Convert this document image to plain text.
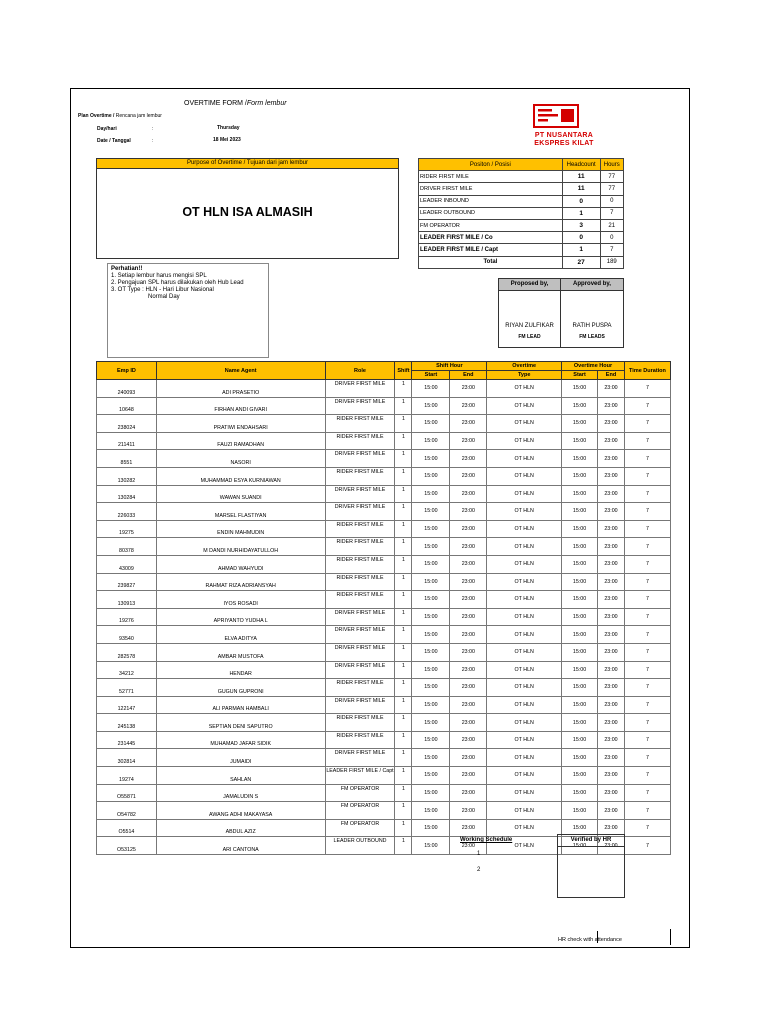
OVERTIME FORM /Form lembur
Plan Overtime / Rencana jam lembur
Day/hari	:	Thursday
Date / Tanggal	:	18 Mei 2023
PT NUSANTARA
EKSPRES KILAT
Purpose of Overtime / Tujuan dari jam lembur
OT HLN ISA ALMASIH
Positon / Posisi	Headcount	Hours
RIDER FIRST MILE	11	77
DRIVER FIRST MILE	11	77
LEADER INBOUND	0	0
LEADER OUTBOUND	1	7
FM OPERATOR	3	21
LEADER FIRST MILE / Co	0	0
LEADER FIRST MILE / Capt	1	7
Total	27	189
Perhatian!!
1. Setiap lembur harus mengisi SPL
2. Pengajuan SPL harus dilakukan oleh Hub Lead
3. OT Type : HLN - Hari Libur Nasional
Normal Day
Proposed by,	Approved by,
RIYAN ZULFIKAR
FM LEAD
RATIH PUSPA
FM LEADS
Emp ID	Name Agent	Role	Shift	Shift Hour		Overtime	Overtime Hour		Time Duration
				Start	End	Type	Start	End	
240093	ADI PRASETIO	DRIVER FIRST MILE	1	15:00	23:00	OT HLN	15:00	23:00	7
10648	FIRHAN ANDI GIVARI	DRIVER FIRST MILE	1	15:00	23:00	OT HLN	15:00	23:00	7
238024	PRATIWI ENDAHSARI	RIDER FIRST MILE	1	15:00	23:00	OT HLN	15:00	23:00	7
211411	FAUZI RAMADHAN	RIDER FIRST MILE	1	15:00	23:00	OT HLN	15:00	23:00	7
8551	NASORI	DRIVER FIRST MILE	1	15:00	23:00	OT HLN	15:00	23:00	7
130282	MUHAMMAD ESYA KURNIAWAN	RIDER FIRST MILE	1	15:00	23:00	OT HLN	15:00	23:00	7
130284	WAWAN SUANDI	DRIVER FIRST MILE	1	15:00	23:00	OT HLN	15:00	23:00	7
226033	MARSEL FLASTIYAN	DRIVER FIRST MILE	1	15:00	23:00	OT HLN	15:00	23:00	7
19275	ENDIN MAHMUDIN	RIDER FIRST MILE	1	15:00	23:00	OT HLN	15:00	23:00	7
80378	M DANDI NURHIDAYATULLOH	RIDER FIRST MILE	1	15:00	23:00	OT HLN	15:00	23:00	7
43009	AHMAD WAHYUDI	RIDER FIRST MILE	1	15:00	23:00	OT HLN	15:00	23:00	7
239827	RAHMAT RIZA ADRIANSYAH	RIDER FIRST MILE	1	15:00	23:00	OT HLN	15:00	23:00	7
130913	IYOS ROSADI	RIDER FIRST MILE	1	15:00	23:00	OT HLN	15:00	23:00	7
19276	APRIYANTO YUDHA L	DRIVER FIRST MILE	1	15:00	23:00	OT HLN	15:00	23:00	7
93540	ELVA ADITYA	DRIVER FIRST MILE	1	15:00	23:00	OT HLN	15:00	23:00	7
282578	AMBAR MUSTOFA	DRIVER FIRST MILE	1	15:00	23:00	OT HLN	15:00	23:00	7
34212	HENDAR	DRIVER FIRST MILE	1	15:00	23:00	OT HLN	15:00	23:00	7
52771	GUGUN GUPRONI	RIDER FIRST MILE	1	15:00	23:00	OT HLN	15:00	23:00	7
122147	ALI PARMAN HAMBALI	DRIVER FIRST MILE	1	15:00	23:00	OT HLN	15:00	23:00	7
245138	SEPTIAN DENI SAPUTRO	RIDER FIRST MILE	1	15:00	23:00	OT HLN	15:00	23:00	7
231445	MUHAMAD JAFAR SIDIK	RIDER FIRST MILE	1	15:00	23:00	OT HLN	15:00	23:00	7
302814	JUMAIDI	DRIVER FIRST MILE	1	15:00	23:00	OT HLN	15:00	23:00	7
19274	SAHLAN	LEADER FIRST MILE / Capt	1	15:00	23:00	OT HLN	15:00	23:00	7
O55871	JAMALUDIN S	FM OPERATOR	1	15:00	23:00	OT HLN	15:00	23:00	7
O54782	AWANG ADHI MAKAYASA	FM OPERATOR	1	15:00	23:00	OT HLN	15:00	23:00	7
O5514	ABDUL AZIZ	FM OPERATOR	1	15:00	23:00	OT HLN	15:00	23:00	7
O53125	ARI CANTONA	LEADER OUTBOUND	1	15:00	23:00	OT HLN	15:00	23:00	7
Working Schedule
1
2
Verified by HR
HR check with attendance
